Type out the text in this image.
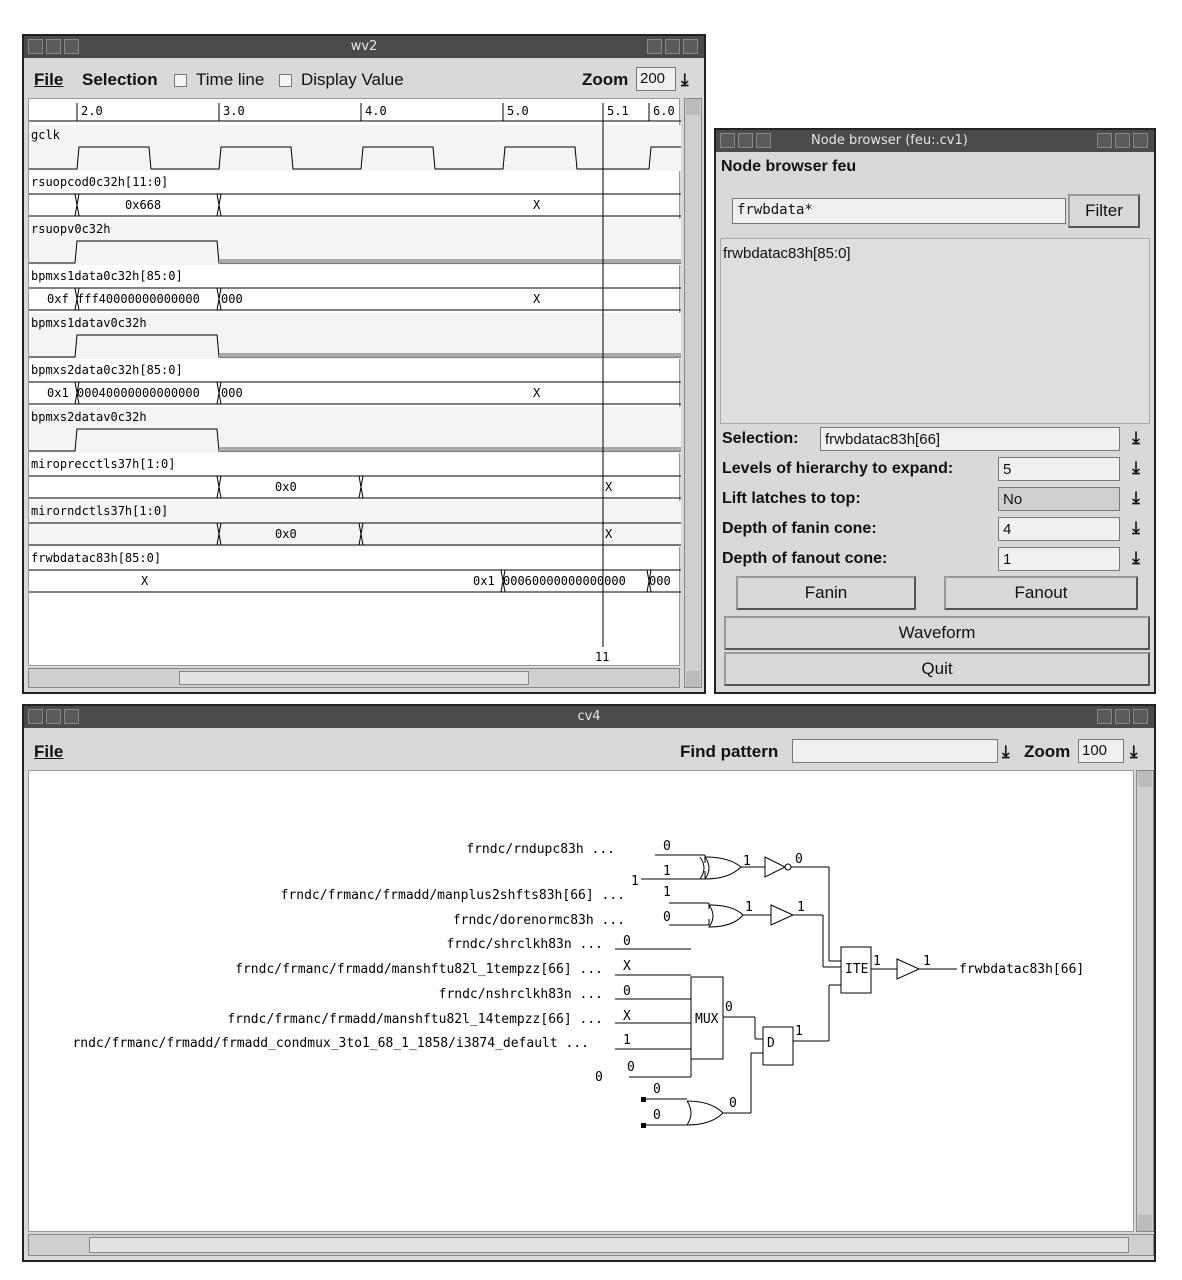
wv2
File Selection Time line Display Value	Zoom 200 ⤓
2.0	3.0	4.0	5.0	5.1 6.0
gclk
rsuopcod0c32h[11:0]
0x668	X
rsuopv0c32h
bpmxs1data0c32h[85:0]
0xf fff40000000000000 000	X
bpmxs1datav0c32h
bpmxs2data0c32h[85:0]
0x1 00040000000000000 000	X
bpmxs2datav0c32h
miroprecctls37h[1:0]
0x0	X
mirorndctls37h[1:0]
0x0	X
frwbdatac83h[85:0]
X	0x1 00060000000000000 000
11
Node browser (feu:.cv1)
Node browser feu
frwbdata*	Filter
frwbdatac83h[85:0]
Selection:	frwbdatac83h[66]	⤓
Levels of hierarchy to expand:	5	⤓
Lift latches to top:	No	⤓
Depth of fanin cone:	4	⤓
Depth of fanout cone:	1	⤓
Fanin	Fanout
Waveform
Quit
cv4
File	Find pattern	⤓ Zoom 100	⤓
frndc/rndupc83h ...	0
frndc/frmanc/frmadd/manplus2shfts83h[66] ...	1
frndc/dorenormc83h ...	0
frndc/shrclkh83n ... 0
frndc/frmanc/frmadd/manshftu82l_1tempzz[66] ... X
frndc/nshrclkh83n ... 0
frndc/frmanc/frmadd/manshftu82l_14tempzz[66] ... X
rndc/frmanc/frmadd/frmadd_condmux_3to1_68_1_1858/i3874_default ...	1
1
1
1	0
1	1
ITE
1	1
frwbdatac83h[66]
MUX
0
0
0
D
1
0
0
0
